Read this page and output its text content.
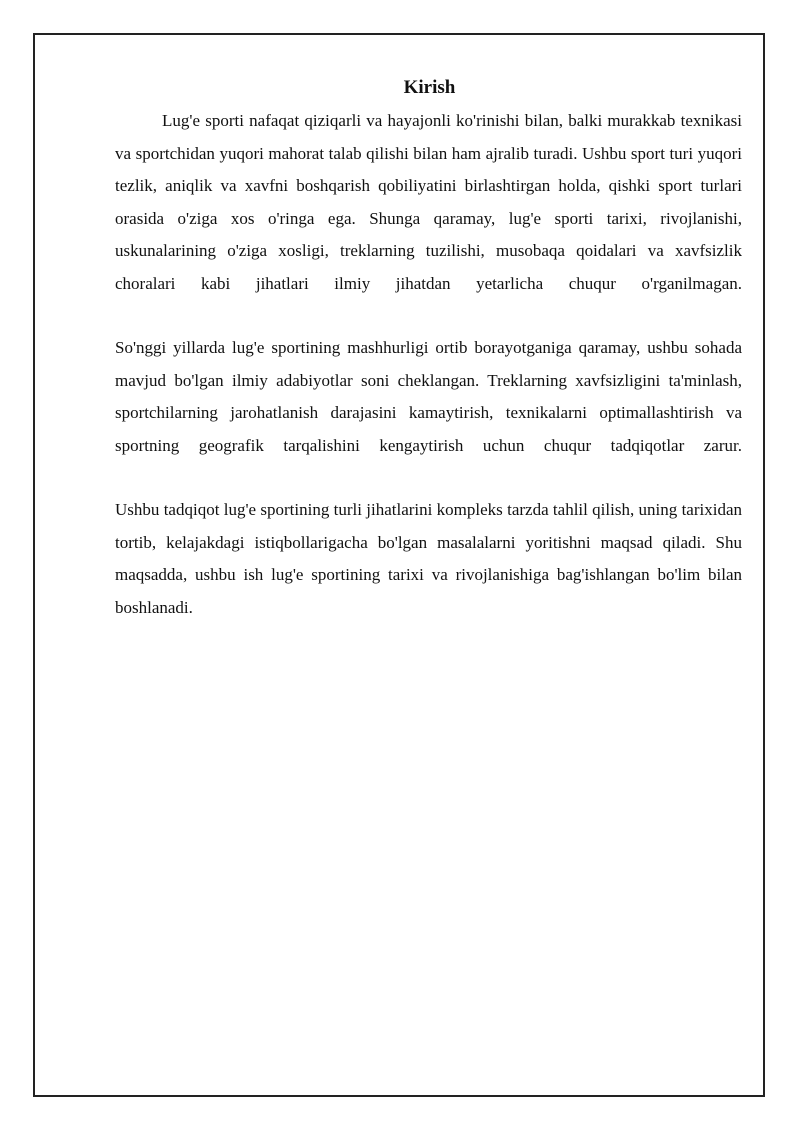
Kirish

Lug'e sporti nafaqat qiziqarli va hayajonli ko'rinishi bilan, balki murakkab texnikasi va sportchidan yuqori mahorat talab qilishi bilan ham ajralib turadi. Ushbu sport turi yuqori tezlik, aniqlik va xavfni boshqarish qobiliyatini birlashtirgan holda, qishki sport turlari orasida o'ziga xos o'ringa ega. Shunga qaramay, lug'e sporti tarixi, rivojlanishi, uskunalarining o'ziga xosligi, treklarning tuzilishi, musobaqa qoidalari va xavfsizlik choralari kabi jihatlari ilmiy jihatdan yetarlicha chuqur o'rganilmagan.

So'nggi yillarda lug'e sportining mashhurligi ortib borayotganiga qaramay, ushbu sohada mavjud bo'lgan ilmiy adabiyotlar soni cheklangan. Treklarning xavfsizligini ta'minlash, sportchilarning jarohatlanish darajasini kamaytirish, texnikalarni optimallashtirish va sportning geografik tarqalishini kengaytirish uchun chuqur tadqiqotlar zarur.

Ushbu tadqiqot lug'e sportining turli jihatlarini kompleks tarzda tahlil qilish, uning tarixidan tortib, kelajakdagi istiqbollarigacha bo'lgan masalalarni yoritishni maqsad qiladi. Shu maqsadda, ushbu ish lug'e sportining tarixi va rivojlanishiga bag'ishlangan bo'lim bilan boshlanadi.
